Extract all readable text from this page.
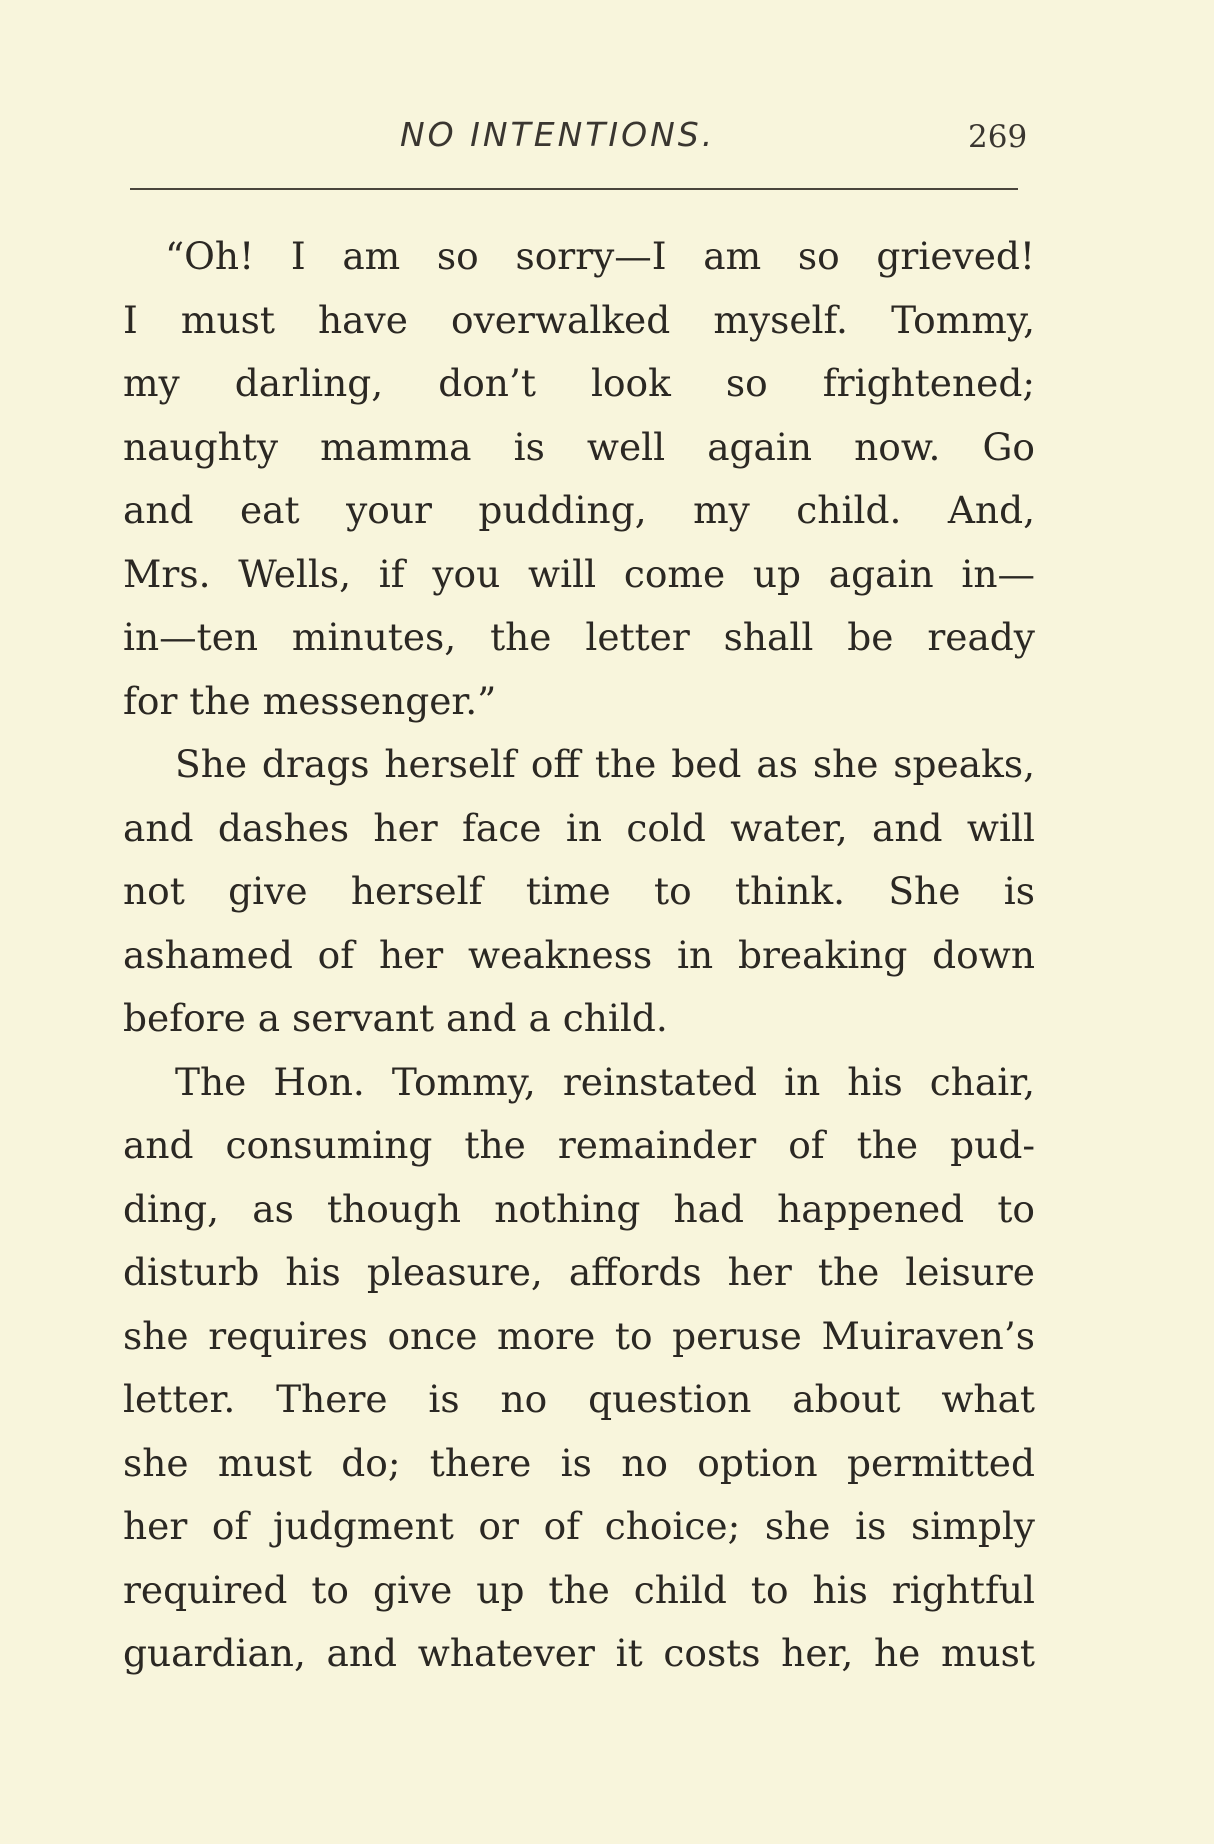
NO INTENTIONS.	269
“Oh! I am so sorry—I am so grieved!
I must have overwalked myself. Tommy,
my darling, don’t look so frightened;
naughty mamma is well again now. Go
and eat your pudding, my child. And,
Mrs. Wells, if you will come up again in—
in—ten minutes, the letter shall be ready
for the messenger.”
She drags herself off the bed as she speaks,
and dashes her face in cold water, and will
not give herself time to think. She is
ashamed of her weakness in breaking down
before a servant and a child.
The Hon. Tommy, reinstated in his chair,
and consuming the remainder of the pud-
ding, as though nothing had happened to
disturb his pleasure, affords her the leisure
she requires once more to peruse Muiraven’s
letter. There is no question about what
she must do; there is no option permitted
her of judgment or of choice; she is simply
required to give up the child to his rightful
guardian, and whatever it costs her, he must
